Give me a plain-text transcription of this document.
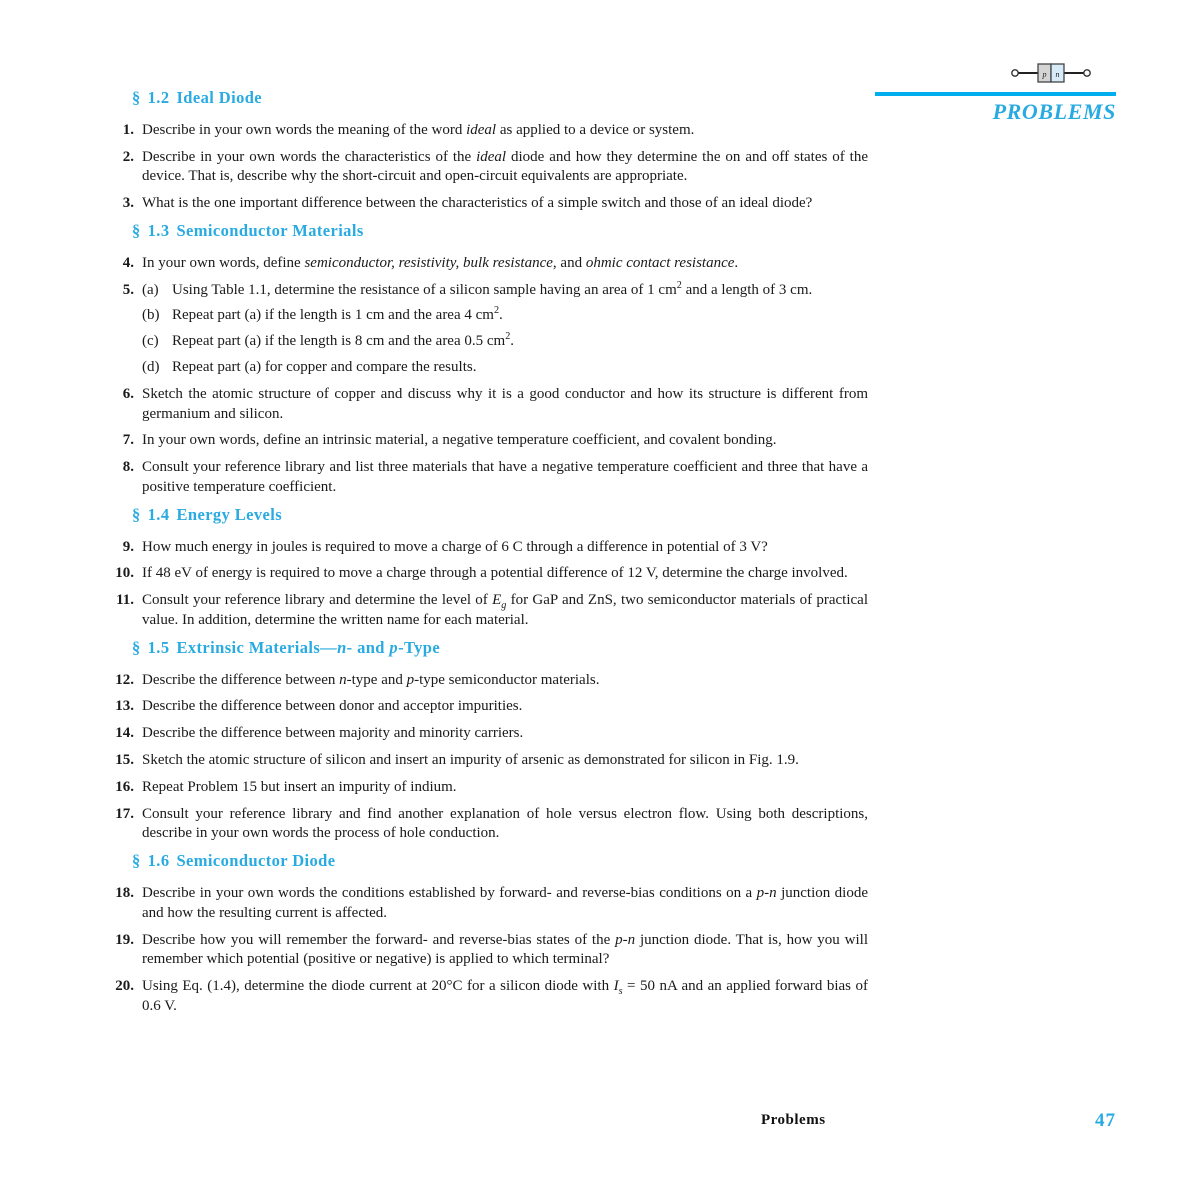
p n
PROBLEMS
§ 1.2 Ideal Diode
1. Describe in your own words the meaning of the word ideal as applied to a device or system.
2. Describe in your own words the characteristics of the ideal diode and how they determine the on and off states of the device. That is, describe why the short-circuit and open-circuit equivalents are appropriate.
3. What is the one important difference between the characteristics of a simple switch and those of an ideal diode?
§ 1.3 Semiconductor Materials
4. In your own words, define semiconductor, resistivity, bulk resistance, and ohmic contact resistance.
5. (a) Using Table 1.1, determine the resistance of a silicon sample having an area of 1 $cm^2$ and a length of 3 cm.
(b) Repeat part (a) if the length is 1 cm and the area 4 $cm^2$.
(c) Repeat part (a) if the length is 8 cm and the area 0.5 $cm^2$.
(d) Repeat part (a) for copper and compare the results.
6. Sketch the atomic structure of copper and discuss why it is a good conductor and how its structure is different from germanium and silicon.
7. In your own words, define an intrinsic material, a negative temperature coefficient, and covalent bonding.
8. Consult your reference library and list three materials that have a negative temperature coefficient and three that have a positive temperature coefficient.
§ 1.4 Energy Levels
9. How much energy in joules is required to move a charge of 6 C through a difference in potential of 3 V?
10. If 48 eV of energy is required to move a charge through a potential difference of 12 V, determine the charge involved.
11. Consult your reference library and determine the level of $E_g$ for GaP and ZnS, two semiconductor materials of practical value. In addition, determine the written name for each material.
§ 1.5 Extrinsic Materials—n- and p-Type
12. Describe the difference between n-type and p-type semiconductor materials.
13. Describe the difference between donor and acceptor impurities.
14. Describe the difference between majority and minority carriers.
15. Sketch the atomic structure of silicon and insert an impurity of arsenic as demonstrated for silicon in Fig. 1.9.
16. Repeat Problem 15 but insert an impurity of indium.
17. Consult your reference library and find another explanation of hole versus electron flow. Using both descriptions, describe in your own words the process of hole conduction.
§ 1.6 Semiconductor Diode
18. Describe in your own words the conditions established by forward- and reverse-bias conditions on a p-n junction diode and how the resulting current is affected.
19. Describe how you will remember the forward- and reverse-bias states of the p-n junction diode. That is, how you will remember which potential (positive or negative) is applied to which terminal?
20. Using Eq. (1.4), determine the diode current at 20°C for a silicon diode with $I_s = 50$ nA and an applied forward bias of 0.6 V.
Problems	47
